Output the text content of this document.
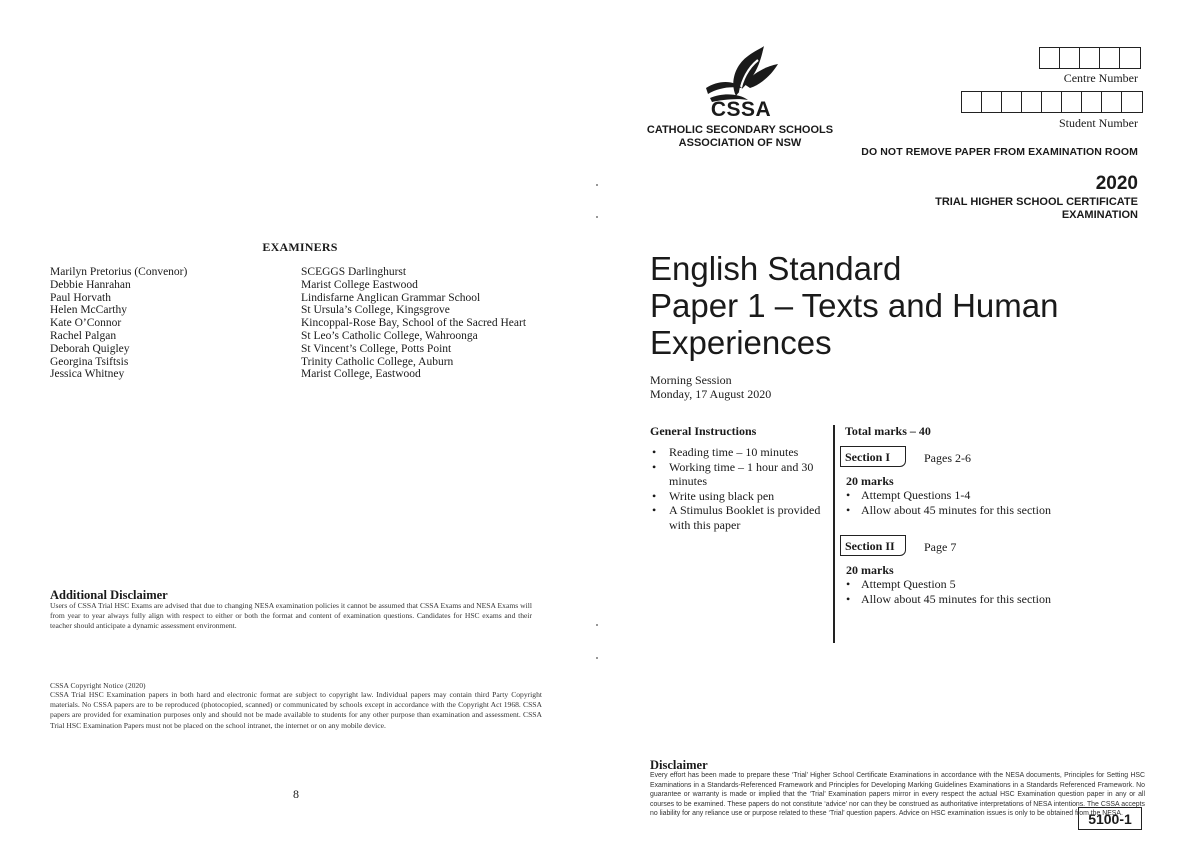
EXAMINERS
Marilyn Pretorius (Convenor)
Debbie Hanrahan
Paul Horvath
Helen McCarthy
Kate O’Connor
Rachel Palgan
Deborah Quigley
Georgina Tsiftsis
Jessica Whitney
SCEGGS Darlinghurst
Marist College Eastwood
Lindisfarne Anglican Grammar School
St Ursula’s College, Kingsgrove
Kincoppal-Rose Bay, School of the Sacred Heart
St Leo’s Catholic College, Wahroonga
St Vincent’s College, Potts Point
Trinity Catholic College, Auburn
Marist College, Eastwood
Additional Disclaimer
Users of CSSA Trial HSC Exams are advised that due to changing NESA examination policies it cannot be assumed that CSSA Exams and NESA Exams will from year to year always fully align with respect to either or both the format and content of examination questions. Candidates for HSC exams and their teacher should anticipate a dynamic assessment environment.
CSSA Copyright Notice (2020)
CSSA Trial HSC Examination papers in both hard and electronic format are subject to copyright law. Individual papers may contain third Party Copyright materials. No CSSA papers are to be reproduced (photocopied, scanned) or communicated by schools except in accordance with the Copyright Act 1968. CSSA papers are provided for examination purposes only and should not be made available to students for any other purpose than examination and assessment. CSSA Trial HSC Examination Papers must not be placed on the school intranet, the internet or on any mobile device.
8
CSSA
CATHOLIC SECONDARY SCHOOLS
ASSOCIATION OF NSW
Centre Number
Student Number
DO NOT REMOVE PAPER FROM EXAMINATION ROOM
2020
TRIAL HIGHER SCHOOL CERTIFICATE
EXAMINATION
English Standard
Paper 1 – Texts and Human
Experiences
Morning Session
Monday, 17 August 2020
General Instructions
• Reading time – 10 minutes
• Working time – 1 hour and 30 minutes
• Write using black pen
• A Stimulus Booklet is provided with this paper
Total marks – 40
Section I	Pages 2-6
20 marks
• Attempt Questions 1-4
• Allow about 45 minutes for this section
Section II	Page 7
20 marks
• Attempt Question 5
• Allow about 45 minutes for this section
Disclaimer
Every effort has been made to prepare these ‘Trial’ Higher School Certificate Examinations in accordance with the NESA documents, Principles for Setting HSC Examinations in a Standards-Referenced Framework and Principles for Developing Marking Guidelines Examinations in a Standards Referenced Framework. No guarantee or warranty is made or implied that the ‘Trial’ Examination papers mirror in every respect the actual HSC Examination question paper in any or all courses to be examined. These papers do not constitute ‘advice’ nor can they be construed as authoritative interpretations of NESA intentions. The CSSA accepts no liability for any reliance use or purpose related to these ‘Trial’ question papers. Advice on HSC examination issues is only to be obtained from the NESA.
5100-1
